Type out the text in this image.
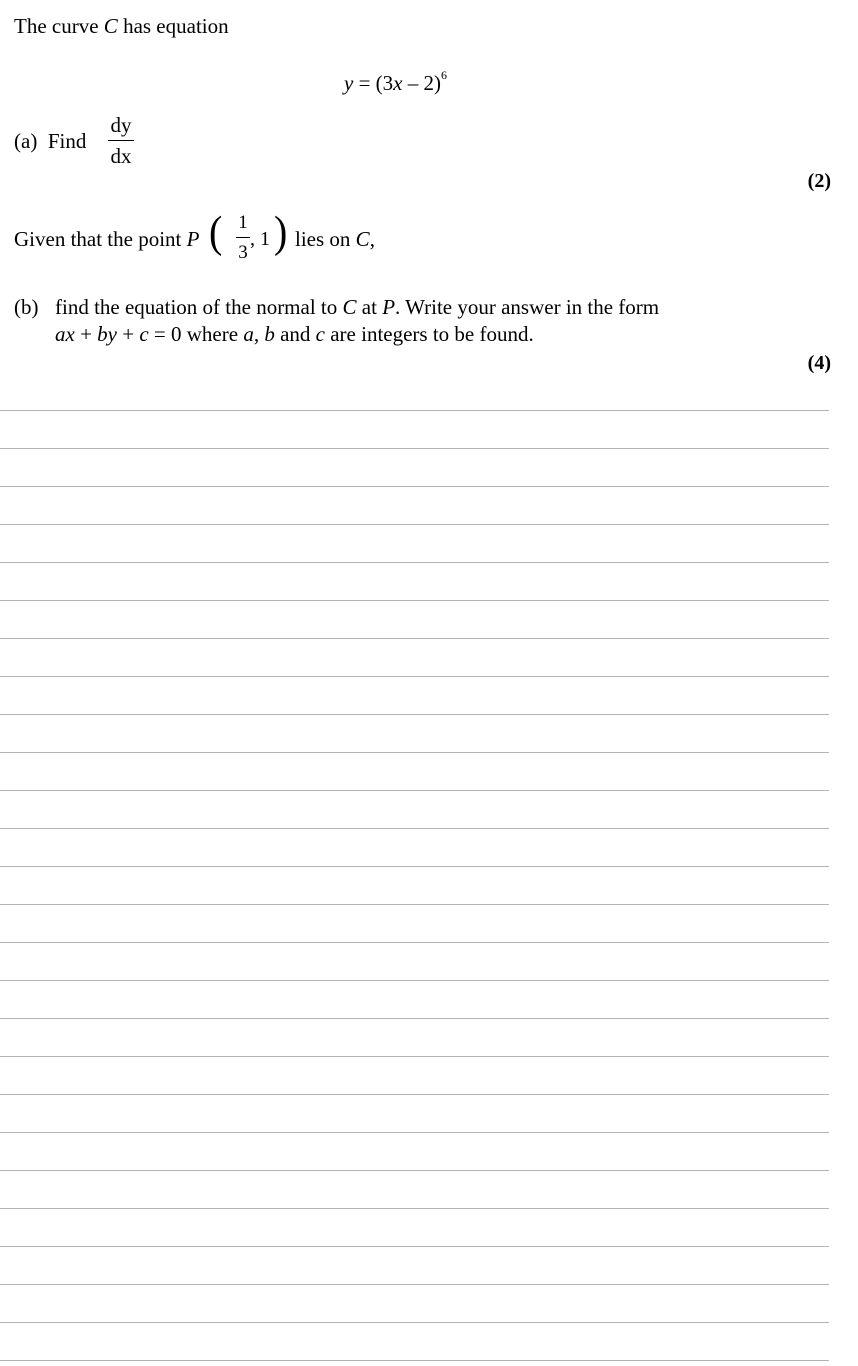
The curve C has equation
y = (3x – 2)$^6$
(a) Find
dy
dx
(2)
Given that the point P ( 1
3
, 1 ) lies on C,
(b) find the equation of the normal to C at P. Write your answer in the form
ax + by + c = 0 where a, b and c are integers to be found.
(4)
